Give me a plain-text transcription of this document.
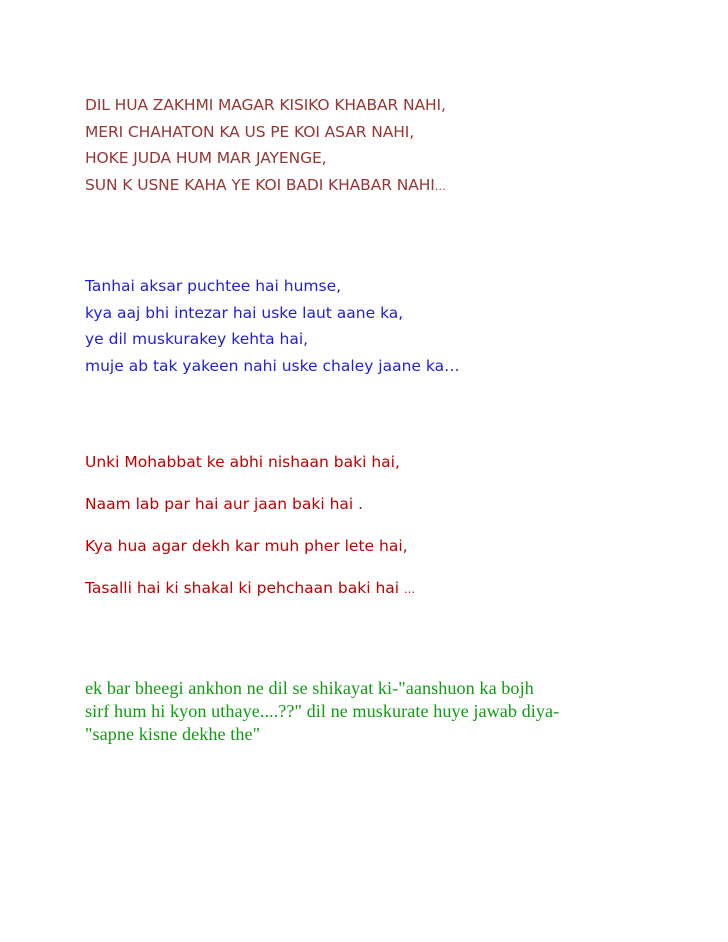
DIL HUA ZAKHMI MAGAR KISIKO KHABAR NAHI,
MERI CHAHATON KA US PE KOI ASAR NAHI,
HOKE JUDA HUM MAR JAYENGE,
SUN K USNE KAHA YE KOI BADI KHABAR NAHI…
Tanhai aksar puchtee hai humse,
kya aaj bhi intezar hai uske laut aane ka,
ye dil muskurakey kehta hai,
muje ab tak yakeen nahi uske chaley jaane ka…
Unki Mohabbat ke abhi nishaan baki hai,
Naam lab par hai aur jaan baki hai .
Kya hua agar dekh kar muh pher lete hai,
Tasalli hai ki shakal ki pehchaan baki hai …
ek bar bheegi ankhon ne dil se shikayat ki-"aanshuon ka bojh
sirf hum hi kyon uthaye....??" dil ne muskurate huye jawab diya-
"sapne kisne dekhe the"
